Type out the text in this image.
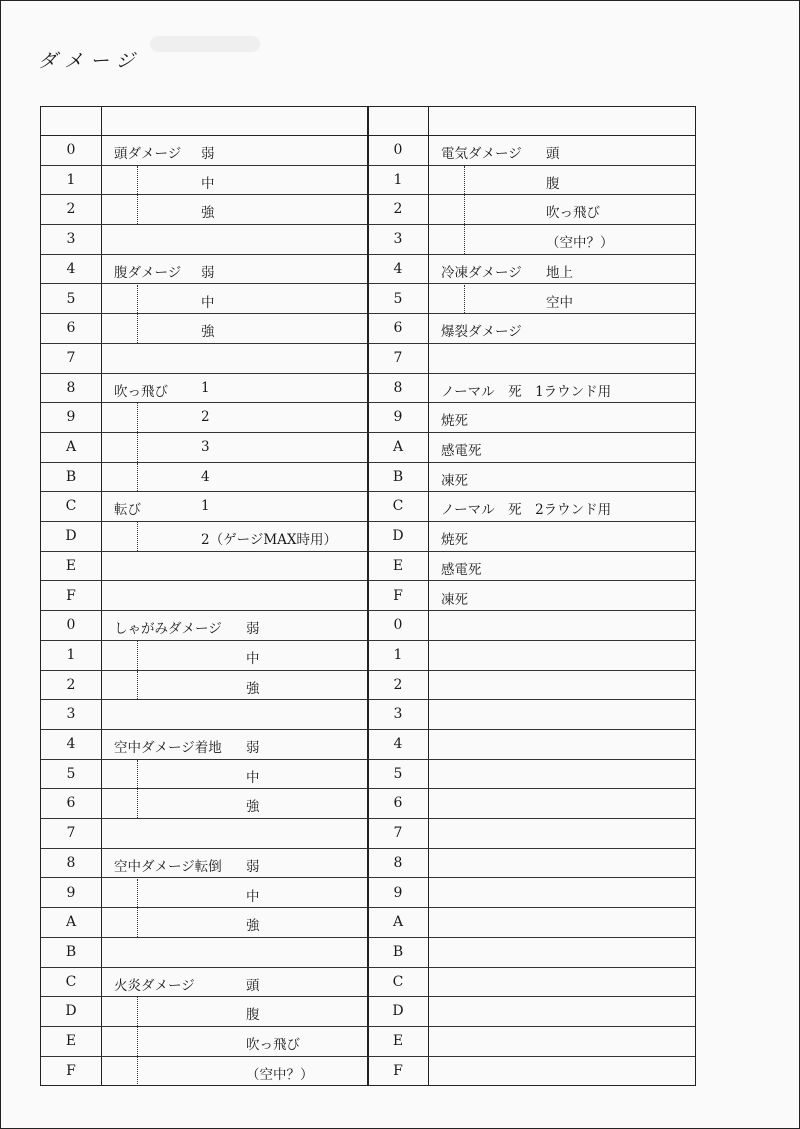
ダメージ
0	頭ダメージ 弱
1	中
2	強
3
4	腹ダメージ 弱
5	中
6	強
7
8	吹っ飛び 1
9	2
A	3
B	4
C	転び	1
D	2（ゲージMAX時用）
E
F
0	しゃがみダメージ 弱
1	中
2	強
3
4	空中ダメージ着地 弱
5	中
6	強
7
8	空中ダメージ転倒 弱
9	中
A	強
B
C	火炎ダメージ	頭
D	腹
E	吹っ飛び
F	（空中？）
0	電気ダメージ 頭
1	腹
2	吹っ飛び
3	（空中？）
4	冷凍ダメージ 地上
5	空中
6	爆裂ダメージ
7
8	ノーマル　死　1ラウンド用
9	焼死
A	感電死
B	凍死
C	ノーマル　死　2ラウンド用
D	焼死
E	感電死
F	凍死
0
1
2
3
4
5
6
7
8
9
A
B
C
D
E
F
